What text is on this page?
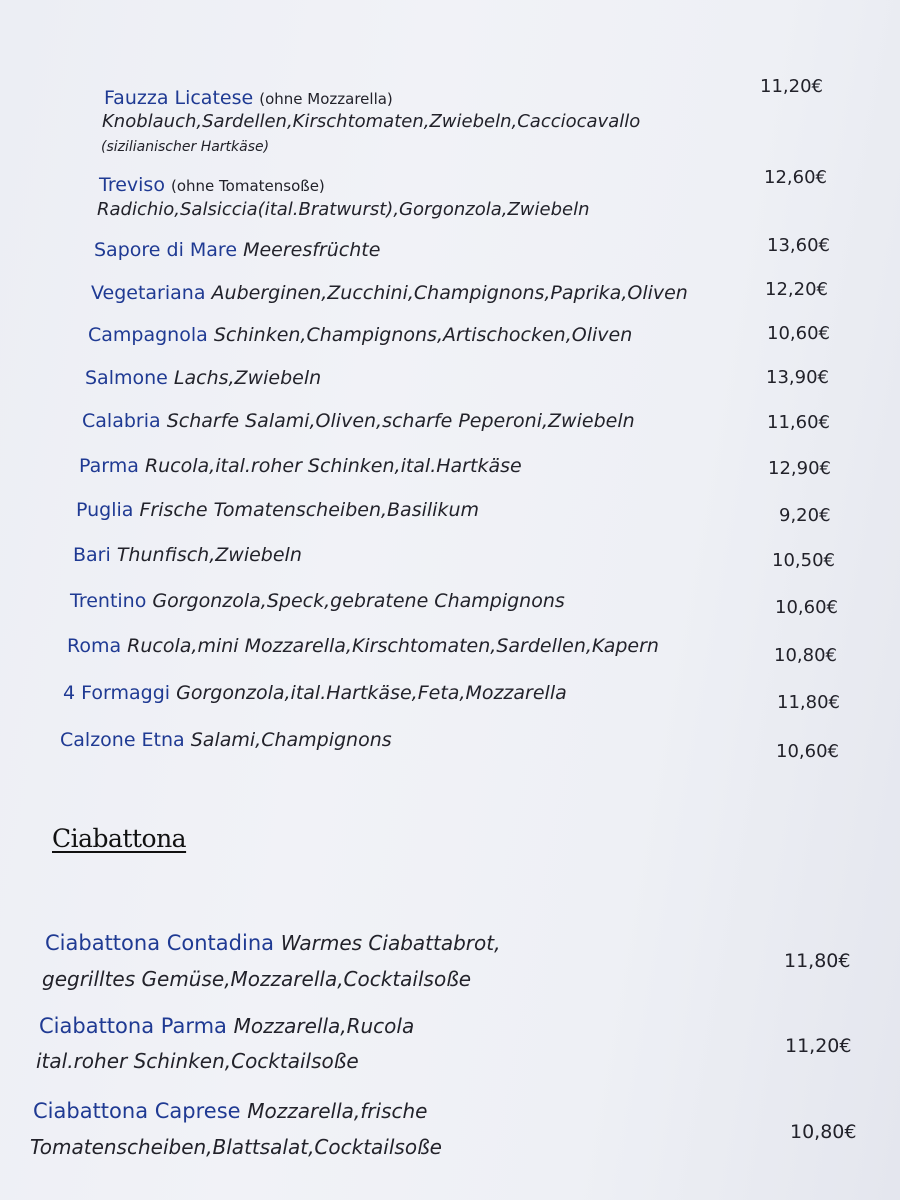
Fauzza Licatese (ohne Mozzarella)
Knoblauch,Sardellen,Kirschtomaten,Zwiebeln,Cacciocavallo
(sizilianischer Hartkäse)
11,20€
Treviso (ohne Tomatensoße)
Radichio,Salsiccia(ital.Bratwurst),Gorgonzola,Zwiebeln
12,60€
Sapore di Mare Meeresfrüchte	13,60€
Vegetariana Auberginen,Zucchini,Champignons,Paprika,Oliven	12,20€
Campagnola Schinken,Champignons,Artischocken,Oliven	10,60€
Salmone Lachs,Zwiebeln	13,90€
Calabria Scharfe Salami,Oliven,scharfe Peperoni,Zwiebeln	11,60€
Parma Rucola,ital.roher Schinken,ital.Hartkäse	12,90€
Puglia Frische Tomatenscheiben,Basilikum	9,20€
Bari Thunfisch,Zwiebeln	10,50€
Trentino Gorgonzola,Speck,gebratene Champignons	10,60€
Roma Rucola,mini Mozzarella,Kirschtomaten,Sardellen,Kapern	10,80€
4 Formaggi Gorgonzola,ital.Hartkäse,Feta,Mozzarella	11,80€
Calzone Etna Salami,Champignons
10,60€
Ciabattona
Ciabattona Contadina Warmes Ciabattabrot,
gegrilltes Gemüse,Mozzarella,Cocktailsoße
11,80€
Ciabattona Parma Mozzarella,Rucola
ital.roher Schinken,Cocktailsoße
11,20€
Ciabattona Caprese Mozzarella,frische
Tomatenscheiben,Blattsalat,Cocktailsoße
10,80€
